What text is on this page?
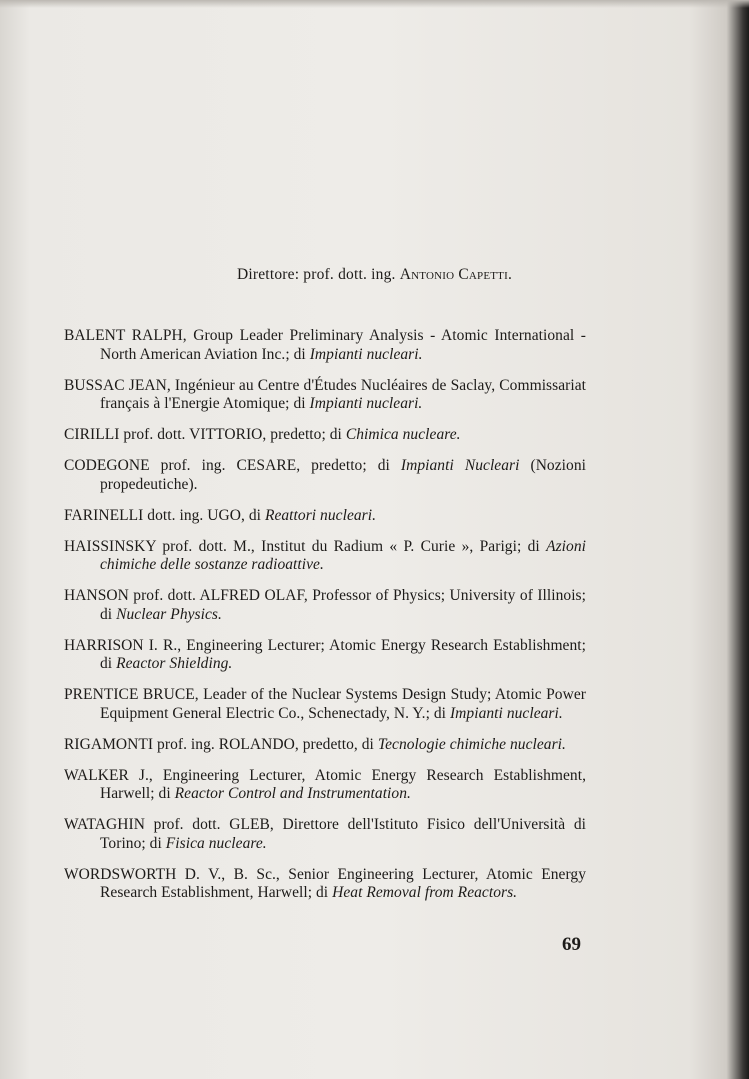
Direttore: prof. dott. ing. Antonio Capetti.

BALENT RALPH, Group Leader Preliminary Analysis - Atomic International - North American Aviation Inc.; di Impianti nucleari.

BUSSAC JEAN, Ingénieur au Centre d'Études Nucléaires de Saclay, Commissariat français à l'Energie Atomique; di Impianti nucleari.

CIRILLI prof. dott. VITTORIO, predetto; di Chimica nucleare.

CODEGONE prof. ing. CESARE, predetto; di Impianti Nucleari (Nozioni propedeutiche).

FARINELLI dott. ing. UGO, di Reattori nucleari.

HAISSINSKY prof. dott. M., Institut du Radium « P. Curie », Parigi; di Azioni chimiche delle sostanze radioattive.

HANSON prof. dott. ALFRED OLAF, Professor of Physics; University of Illinois; di Nuclear Physics.

HARRISON I. R., Engineering Lecturer; Atomic Energy Research Establishment; di Reactor Shielding.

PRENTICE BRUCE, Leader of the Nuclear Systems Design Study; Atomic Power Equipment General Electric Co., Schenectady, N. Y.; di Impianti nucleari.

RIGAMONTI prof. ing. ROLANDO, predetto, di Tecnologie chimiche nucleari.

WALKER J., Engineering Lecturer, Atomic Energy Research Establishment, Harwell; di Reactor Control and Instrumentation.

WATAGHIN prof. dott. GLEB, Direttore dell'Istituto Fisico dell'Università di Torino; di Fisica nucleare.

WORDSWORTH D. V., B. Sc., Senior Engineering Lecturer, Atomic Energy Research Establishment, Harwell; di Heat Removal from Reactors.

69
